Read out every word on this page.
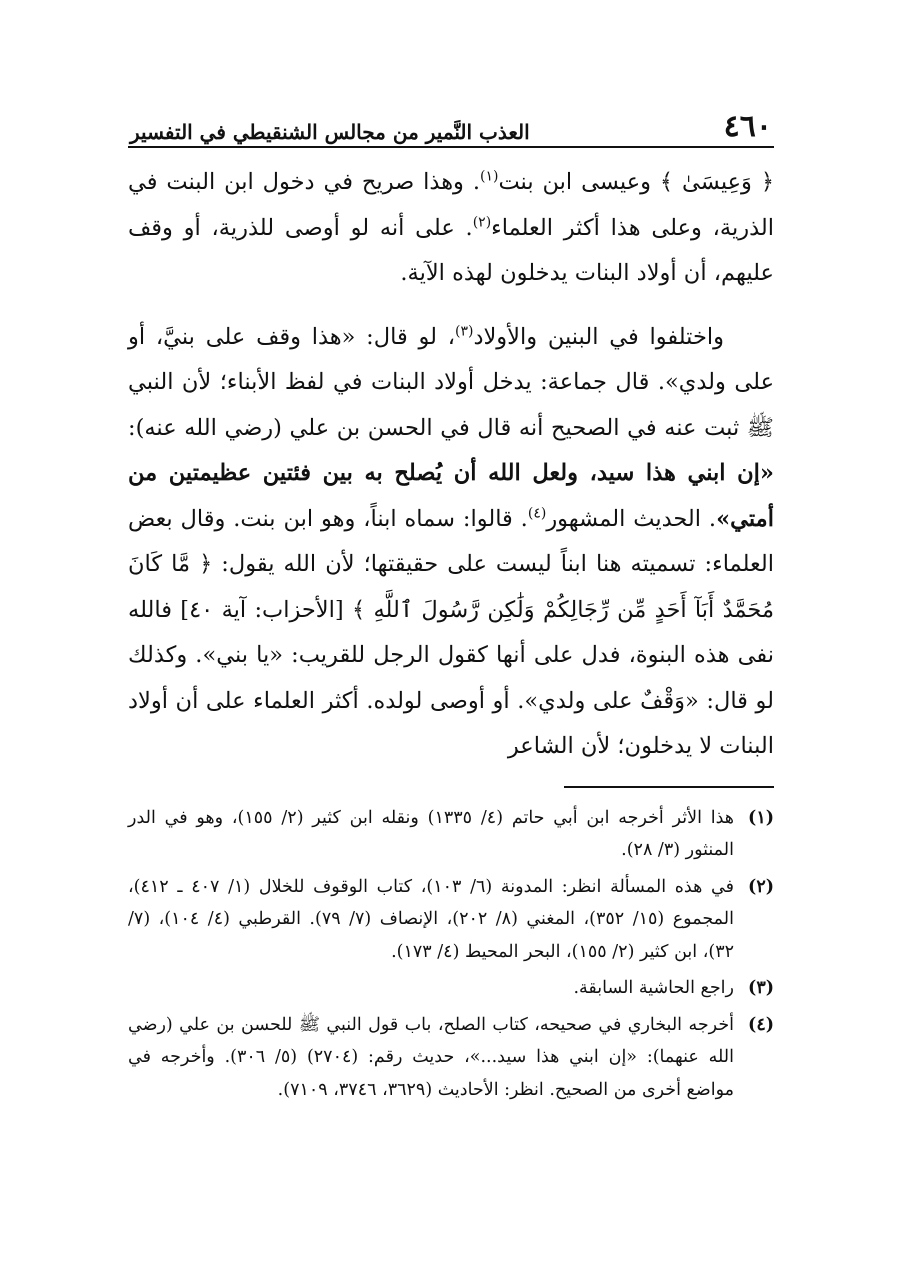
٤٦٠
العذب النَّمير من مجالس الشنقيطي في التفسير

﴿ وَعِيسَىٰ ﴾ وعيسى ابن بنت$^{(١)}$. وهذا صريح في دخول ابن البنت في الذرية، وعلى هذا أكثر العلماء$^{(٢)}$. على أنه لو أوصى للذرية، أو وقف عليهم، أن أولاد البنات يدخلون لهذه الآية.

واختلفوا في البنين والأولاد$^{(٣)}$، لو قال: «هذا وقف على بنيَّ، أو على ولدي». قال جماعة: يدخل أولاد البنات في لفظ الأبناء؛ لأن النبي ﷺ ثبت عنه في الصحيح أنه قال في الحسن بن علي (رضي الله عنه): «إن ابني هذا سيد، ولعل الله أن يُصلح به بين فئتين عظيمتين من أمتي». الحديث المشهور$^{(٤)}$. قالوا: سماه ابناً، وهو ابن بنت. وقال بعض العلماء: تسميته هنا ابناً ليست على حقيقتها؛ لأن الله يقول: ﴿ مَّا كَانَ مُحَمَّدٌ أَبَآ أَحَدٍ مِّن رِّجَالِكُمْ وَلَٰكِن رَّسُولَ ٱللَّهِ ﴾ [الأحزاب: آية ٤٠] فالله نفى هذه البنوة، فدل على أنها كقول الرجل للقريب: «يا بني». وكذلك لو قال: «وَقْفٌ على ولدي». أو أوصى لولده. أكثر العلماء على أن أولاد البنات لا يدخلون؛ لأن الشاعر

(١)
هذا الأثر أخرجه ابن أبي حاتم (٤/ ١٣٣٥) ونقله ابن كثير (٢/ ١٥٥)، وهو في الدر المنثور (٣/ ٢٨).
(٢)
في هذه المسألة انظر: المدونة (٦/ ١٠٣)، كتاب الوقوف للخلال (١/ ٤٠٧ ـ ٤١٢)، المجموع (١٥/ ٣٥٢)، المغني (٨/ ٢٠٢)، الإنصاف (٧/ ٧٩). القرطبي (٤/ ١٠٤)، (٧/ ٣٢)، ابن كثير (٢/ ١٥٥)، البحر المحيط (٤/ ١٧٣).
(٣)
راجع الحاشية السابقة.
(٤)
أخرجه البخاري في صحيحه، كتاب الصلح، باب قول النبي ﷺ للحسن بن علي (رضي الله عنهما): «إن ابني هذا سيد...»، حديث رقم: (٢٧٠٤) (٥/ ٣٠٦). وأخرجه في مواضع أخرى من الصحيح. انظر: الأحاديث (٣٦٢٩، ٣٧٤٦، ٧١٠٩).
